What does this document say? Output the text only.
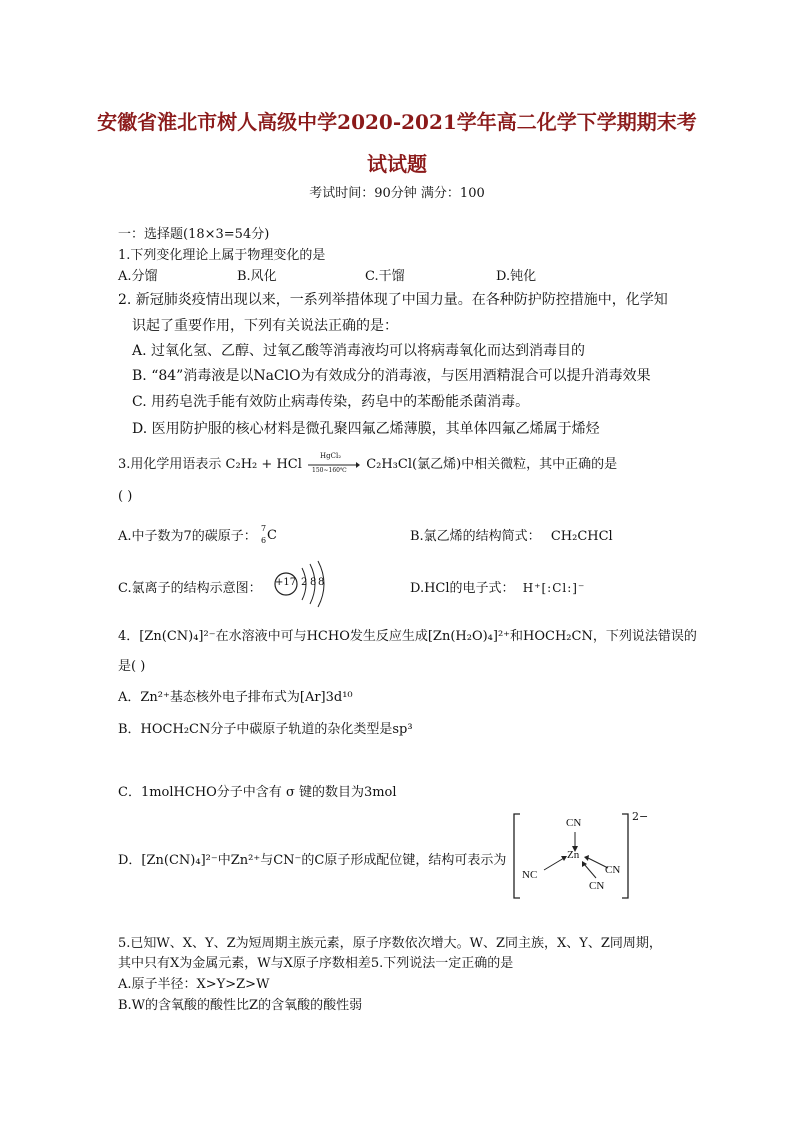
安徽省淮北市树人高级中学2020-2021学年高二化学下学期期末考
试试题
考试时间：90分钟 满分：100
一：选择题(18×3=54分)
1.下列变化理论上属于物理变化的是
A.分馏	B.风化	C.干馏	D.钝化
2. 新冠肺炎疫情出现以来，一系列举措体现了中国力量。在各种防护防控措施中，化学知
识起了重要作用，下列有关说法正确的是：
A. 过氧化氢、乙醇、过氧乙酸等消毒液均可以将病毒氧化而达到消毒目的
B. “84”消毒液是以NaClO为有效成分的消毒液，与医用酒精混合可以提升消毒效果
C. 用药皂洗手能有效防止病毒传染，药皂中的苯酚能杀菌消毒。
D. 医用防护服的核心材料是微孔聚四氟乙烯薄膜，其单体四氟乙烯属于烯烃
3.用化学用语表示 C₂H₂ + HCl
HgCl₂
150~160℃ C₂H₃Cl(氯乙烯)中相关微粒，其中正确的是
( )
A.中子数为7的碳原子：
7
6 C	B.氯乙烯的结构简式： CH₂CHCl
C.氯离子的结构示意图： +17 2 8 8	D.HCl的电子式： H⁺[:Cl:]⁻
4．[Zn(CN)₄]²⁻在水溶液中可与HCHO发生反应生成[Zn(H₂O)₄]²⁺和HOCH₂CN，下列说法错误的
是( )
A．Zn²⁺基态核外电子排布式为[Ar]3d¹⁰
B．HOCH₂CN分子中碳原子轨道的杂化类型是sp³
C．1molHCHO分子中含有 σ 键的数目为3mol
D．[Zn(CN)₄]²⁻中Zn²⁺与CN⁻的C原子形成配位键，结构可表示为
CN
Zn
NC	CN
CN
2−
5.已知W、X、Y、Z为短周期主族元素，原子序数依次增大。W、Z同主族，X、Y、Z同周期，
其中只有X为金属元素，W与X原子序数相差5.下列说法一定正确的是
A.原子半径：X>Y>Z>W
B.W的含氧酸的酸性比Z的含氧酸的酸性弱
